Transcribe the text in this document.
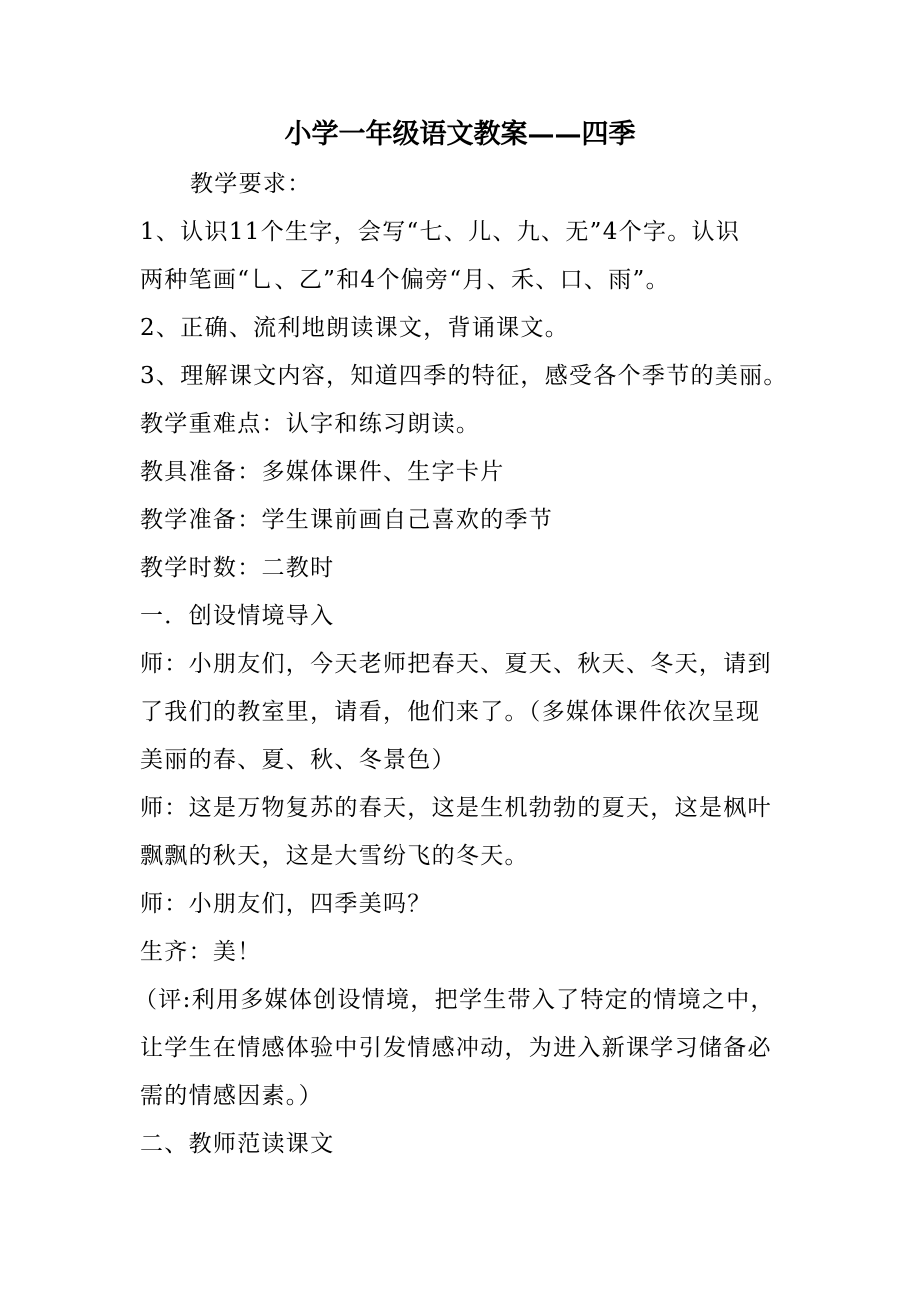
小学一年级语文教案——四季
教学要求：
1、认识11个生字，会写“七、儿、九、无”4个字。认识
两种笔画“乚、乙”和4个偏旁“月、禾、口、雨”。
2、正确、流利地朗读课文，背诵课文。
3、理解课文内容，知道四季的特征，感受各个季节的美丽。
教学重难点：认字和练习朗读。
教具准备：多媒体课件、生字卡片
教学准备：学生课前画自己喜欢的季节
教学时数：二教时
一．创设情境导入
师：小朋友们，今天老师把春天、夏天、秋天、冬天，请到
了我们的教室里，请看，他们来了。（多媒体课件依次呈现
美丽的春、夏、秋、冬景色）
师：这是万物复苏的春天，这是生机勃勃的夏天，这是枫叶
飘飘的秋天，这是大雪纷飞的冬天。
师：小朋友们，四季美吗？
生齐：美！
（评:利用多媒体创设情境，把学生带入了特定的情境之中，
让学生在情感体验中引发情感冲动，为进入新课学习储备必
需的情感因素。）
二、教师范读课文
